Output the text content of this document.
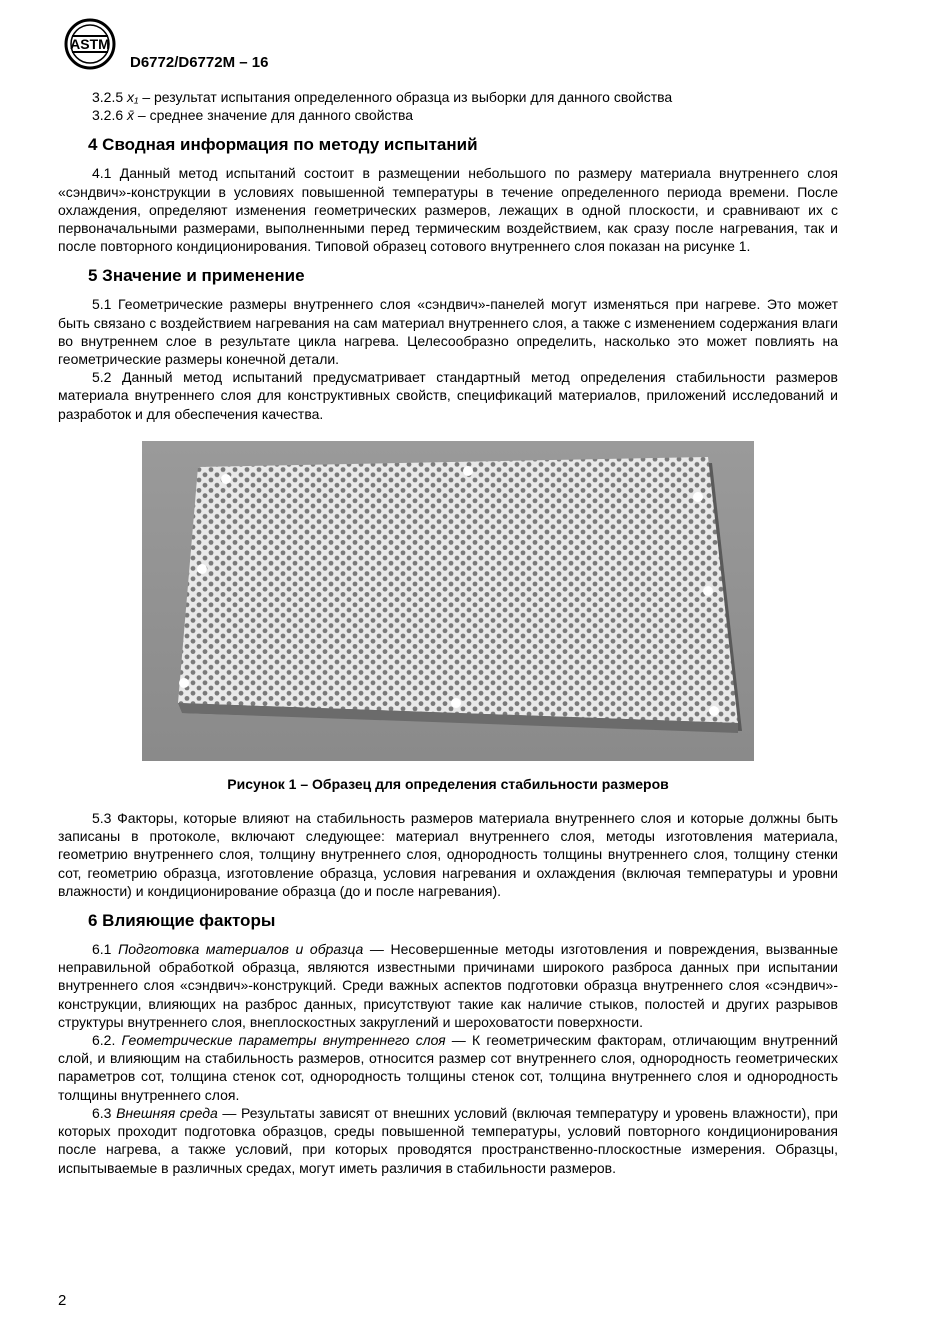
ASTM
D6772/D6772M – 16

3.2.5 x₁ – результат испытания определенного образца из выборки для данного свойства

3.2.6 x̄ – среднее значение для данного свойства

4 Сводная информация по методу испытаний

4.1 Данный метод испытаний состоит в размещении небольшого по размеру материала внутреннего слоя «сэндвич»-конструкции в условиях повышенной температуры в течение определенного периода времени. После охлаждения, определяют изменения геометрических размеров, лежащих в одной плоскости, и сравнивают их с первоначальными размерами, выполненными перед термическим воздействием, как сразу после нагревания, так и после повторного кондиционирования. Типовой образец сотового внутреннего слоя показан на рисунке 1.

5 Значение и применение

5.1 Геометрические размеры внутреннего слоя «сэндвич»-панелей могут изменяться при нагреве. Это может быть связано с воздействием нагревания на сам материал внутреннего слоя, а также с изменением содержания влаги во внутреннем слое в результате цикла нагрева. Целесообразно определить, насколько это может повлиять на геометрические размеры конечной детали.

5.2 Данный метод испытаний предусматривает стандартный метод определения стабильности размеров материала внутреннего слоя для конструктивных свойств, спецификаций материалов, приложений исследований и разработок и для обеспечения качества.

Рисунок 1 – Образец для определения стабильности размеров

5.3 Факторы, которые влияют на стабильность размеров материала внутреннего слоя и которые должны быть записаны в протоколе, включают следующее: материал внутреннего слоя, методы изготовления материала, геометрию внутреннего слоя, толщину внутреннего слоя, однородность толщины внутреннего слоя, толщину стенки сот, геометрию образца, изготовление образца, условия нагревания и охлаждения (включая температуры и уровни влажности) и кондиционирование образца (до и после нагревания).

6 Влияющие факторы

6.1 Подготовка материалов и образца — Несовершенные методы изготовления и повреждения, вызванные неправильной обработкой образца, являются известными причинами широкого разброса данных при испытании внутреннего слоя «сэндвич»-конструкций. Среди важных аспектов подготовки образца внутреннего слоя «сэндвич»-конструкции, влияющих на разброс данных, присутствуют такие как наличие стыков, полостей и других разрывов структуры внутреннего слоя, внеплоскостных закруглений и шероховатости поверхности.

6.2. Геометрические параметры внутреннего слоя — К геометрическим факторам, отличающим внутренний слой, и влияющим на стабильность размеров, относится размер сот внутреннего слоя, однородность геометрических параметров сот, толщина стенок сот, однородность толщины стенок сот, толщина внутреннего слоя и однородность толщины внутреннего слоя.

6.3 Внешняя среда — Результаты зависят от внешних условий (включая температуру и уровень влажности), при которых проходит подготовка образцов, среды повышенной температуры, условий повторного кондиционирования после нагрева, а также условий, при которых проводятся пространственно-плоскостные измерения. Образцы, испытываемые в различных средах, могут иметь различия в стабильности размеров.

2
